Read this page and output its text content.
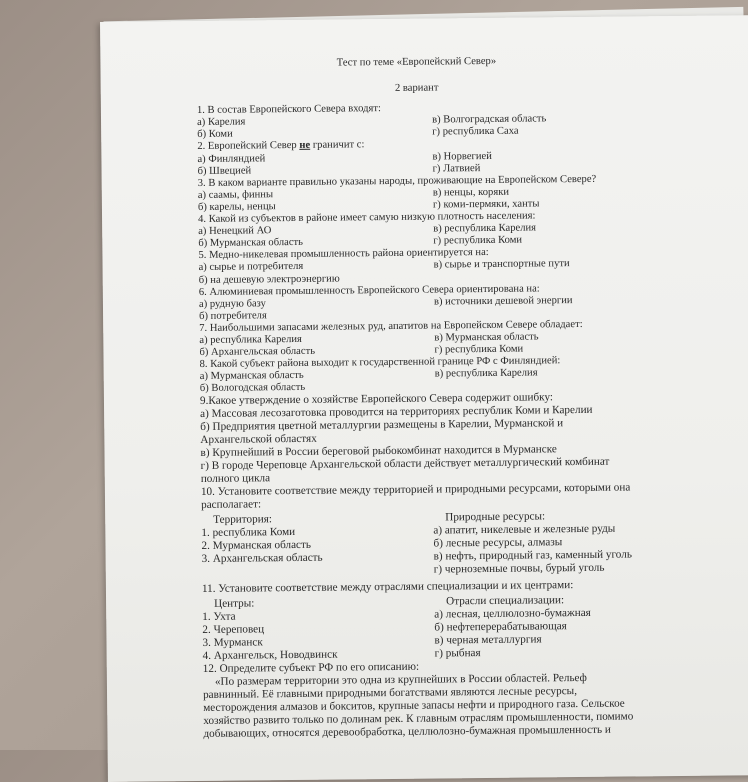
Тест по теме «Европейский Север»
2 вариант
1. В состав Европейского Севера входят:
а) Карелия	в) Волгоградская область
б) Коми	г) республика Саха
2. Европейский Север не граничит с:
а) Финляндией	в) Норвегией
б) Швецией	г) Латвией
3. В каком варианте правильно указаны народы, проживающие на Европейском Севере?
а) саамы, финны	в) ненцы, коряки
б) карелы, ненцы	г) коми-пермяки, ханты
4. Какой из субъектов в районе имеет самую низкую плотность населения:
а) Ненецкий АО	в) республика Карелия
б) Мурманская область	г) республика Коми
5. Медно-никелевая промышленность района ориентируется на:
а) сырье и потребителя	в) сырье и транспортные пути
б) на дешевую электроэнергию
6. Алюминиевая промышленность Европейского Севера ориентирована на:
а) рудную базу	в) источники дешевой энергии
б) потребителя
7. Наибольшими запасами железных руд, апатитов на Европейском Севере обладает:
а) республика Карелия	в) Мурманская область
б) Архангельская область	г) республика Коми
8. Какой субъект района выходит к государственной границе РФ с Финляндией:
а) Мурманская область	в) республика Карелия
б) Вологодская область
9.Какое утверждение о хозяйстве Европейского Севера содержит ошибку:
а) Массовая лесозаготовка проводится на территориях республик Коми и Карелии
б) Предприятия цветной металлургии размещены в Карелии, Мурманской и
Архангельской областях
в) Крупнейший в России береговой рыбокомбинат находится в Мурманске
г) В городе Череповце Архангельской области действует металлургический комбинат
полного цикла
10. Установите соответствие между территорией и природными ресурсами, которыми она
располагает:
Территория:
1. республика Коми
2. Мурманская область
3. Архангельская область
Природные ресурсы:
а) апатит, никелевые и железные руды
б) лесные ресурсы, алмазы
в) нефть, природный газ, каменный уголь
г) черноземные почвы, бурый уголь
11. Установите соответствие между отраслями специализации и их центрами:
Центры:
1. Ухта
2. Череповец
3. Мурманск
4. Архангельск, Новодвинск
Отрасли специализации:
а) лесная, целлюлозно-бумажная
б) нефтеперерабатывающая
в) черная металлургия
г) рыбная
12. Определите субъект РФ по его описанию:
«По размерам территории это одна из крупнейших в России областей. Рельеф
равнинный. Её главными природными богатствами являются лесные ресурсы,
месторождения алмазов и бокситов, крупные запасы нефти и природного газа. Сельское
хозяйство развито только по долинам рек. К главным отраслям промышленности, помимо
добывающих, относятся деревообработка, целлюлозно-бумажная промышленность и
